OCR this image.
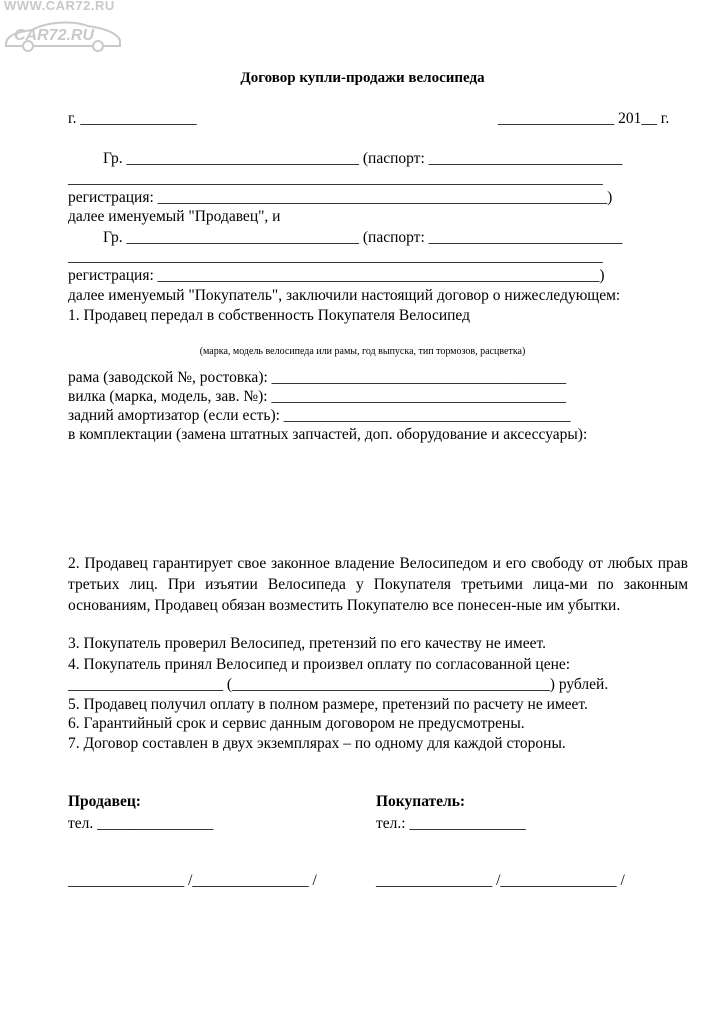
WWW.CAR72.RU
CAR72.RU
Договор купли-продажи велосипеда
г. _______________	_______________ 201__ г.
Гр. ______________________________ (паспорт: _________________________
_____________________________________________________________________
регистрация: __________________________________________________________)
далее именуемый "Продавец", и
Гр. ______________________________ (паспорт: _________________________
_____________________________________________________________________
регистрация: _________________________________________________________)
далее именуемый "Покупатель", заключили настоящий договор о нижеследующем:
1. Продавец передал в собственность Покупателя Велосипед
(марка, модель велосипеда или рамы, год выпуска, тип тормозов, расцветка)
рама (заводской №, ростовка): ______________________________________
вилка (марка, модель, зав. №): ______________________________________
задний амортизатор (если есть): _____________________________________
в комплектации (замена штатных запчастей, доп. оборудование и аксессуары):
2. Продавец гарантирует свое законное владение Велосипедом и его свободу от любых прав третьих лиц. При изъятии Велосипеда у Покупателя третьими лица-ми по законным основаниям, Продавец обязан возместить Покупателю все понесен-ные им убытки.
3. Покупатель проверил Велосипед, претензий по его качеству не имеет.
4. Покупатель принял Велосипед и произвел оплату по согласованной цене:
____________________ (_________________________________________) рублей.
5. Продавец получил оплату в полном размере, претензий по расчету не имеет.
6. Гарантийный срок и сервис данным договором не предусмотрены.
7. Договор составлен в двух экземплярах – по одному для каждой стороны.
Продавец:
тел. _______________
_______________ /_______________ /
Покупатель:
тел.: _______________
_______________ /_______________ /
